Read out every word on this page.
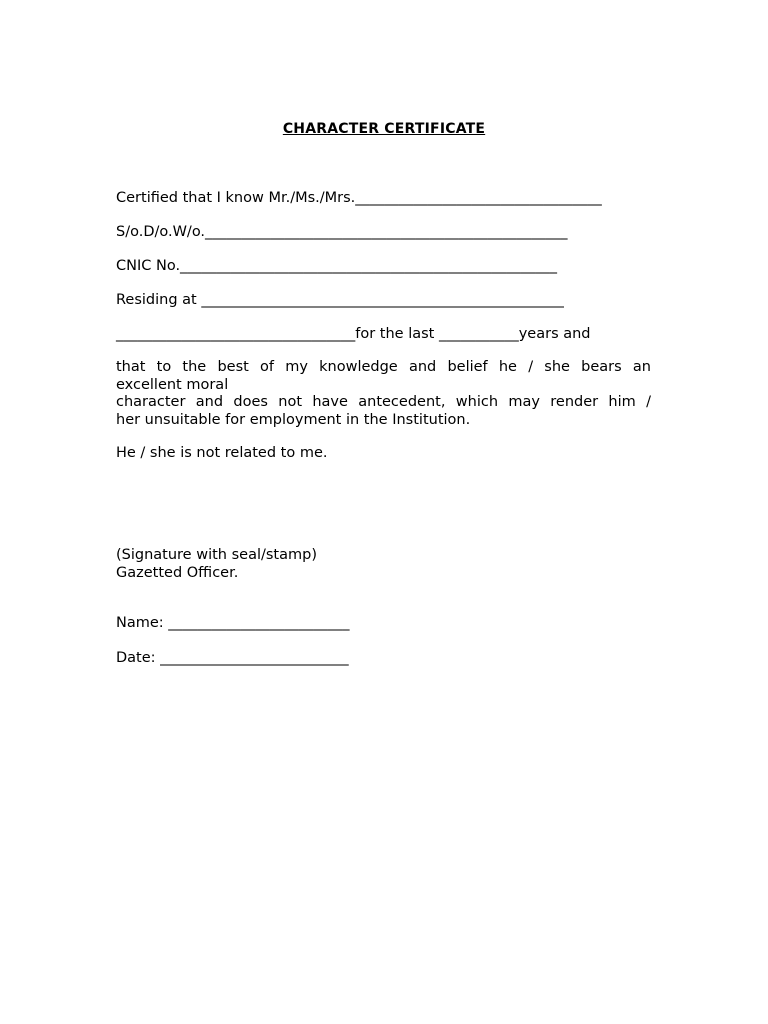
CHARACTER CERTIFICATE
Certified that I know Mr./Ms./Mrs.__________________________________
S/o.D/o.W/o.__________________________________________________
CNIC No.____________________________________________________
Residing at __________________________________________________
_________________________________for the last ___________years and
that to the best of my knowledge and belief he / she bears an
excellent moral
character and does not have antecedent, which may render him /
her unsuitable for employment in the Institution.
He / she is not related to me.
(Signature with seal/stamp)
Gazetted Officer.
Name: _________________________
Date: __________________________
